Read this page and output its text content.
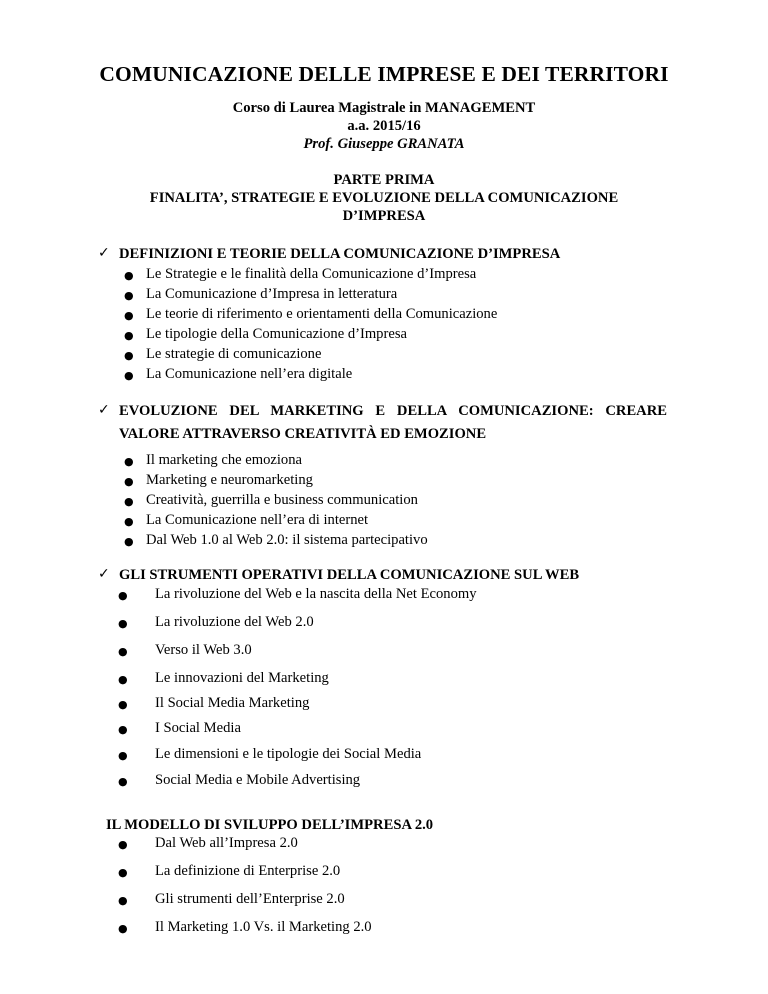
COMUNICAZIONE DELLE IMPRESE E DEI TERRITORI
Corso di Laurea Magistrale in MANAGEMENT
a.a. 2015/16
Prof. Giuseppe GRANATA
PARTE PRIMA
FINALITA’, STRATEGIE E EVOLUZIONE DELLA COMUNICAZIONE
D’IMPRESA
✓ DEFINIZIONI E TEORIE DELLA COMUNICAZIONE D’IMPRESA
● Le Strategie e le finalità della Comunicazione d’Impresa
● La Comunicazione d’Impresa in letteratura
● Le teorie di riferimento e orientamenti della Comunicazione
● Le tipologie della Comunicazione d’Impresa
● Le strategie di comunicazione
● La Comunicazione nell’era digitale
✓ EVOLUZIONE DEL MARKETING E DELLA COMUNICAZIONE: CREARE
VALORE ATTRAVERSO CREATIVITÀ ED EMOZIONE
● Il marketing che emoziona
● Marketing e neuromarketing
● Creatività, guerrilla e business communication
● La Comunicazione nell’era di internet
● Dal Web 1.0 al Web 2.0: il sistema partecipativo
✓ GLI STRUMENTI OPERATIVI DELLA COMUNICAZIONE SUL WEB
● La rivoluzione del Web e la nascita della Net Economy
● La rivoluzione del Web 2.0
● Verso il Web 3.0
● Le innovazioni del Marketing
● Il Social Media Marketing
● I Social Media
● Le dimensioni e le tipologie dei Social Media
● Social Media e Mobile Advertising
IL MODELLO DI SVILUPPO DELL’IMPRESA 2.0
● Dal Web all’Impresa 2.0
● La definizione di Enterprise 2.0
● Gli strumenti dell’Enterprise 2.0
● Il Marketing 1.0 Vs. il Marketing 2.0
